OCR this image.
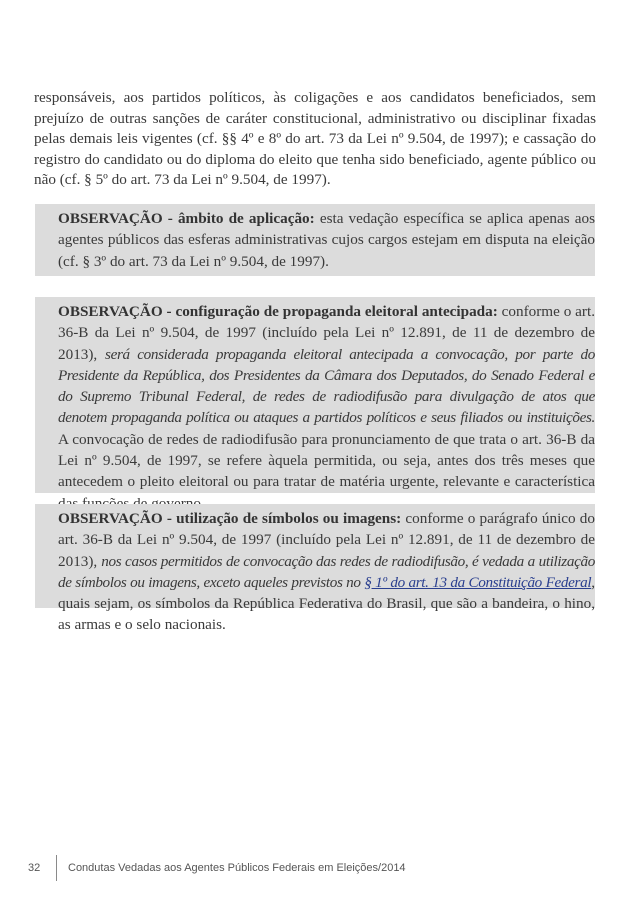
responsáveis, aos partidos políticos, às coligações e aos candidatos beneficiados, sem prejuízo de outras sanções de caráter constitucional, administrativo ou disciplinar fixadas pelas demais leis vigentes (cf. §§ 4º e 8º do art. 73 da Lei nº 9.504, de 1997); e cassação do registro do candidato ou do diploma do eleito que tenha sido beneficiado, agente público ou não (cf. § 5º do art. 73 da Lei nº 9.504, de 1997).
OBSERVAÇÃO - âmbito de aplicação: esta vedação específica se aplica apenas aos agentes públicos das esferas administrativas cujos cargos estejam em disputa na eleição (cf. § 3º do art. 73 da Lei nº 9.504, de 1997).
OBSERVAÇÃO - configuração de propaganda eleitoral antecipada: conforme o art. 36-B da Lei nº 9.504, de 1997 (incluído pela Lei nº 12.891, de 11 de dezembro de 2013), será considerada propaganda eleitoral antecipada a convocação, por parte do Presidente da República, dos Presidentes da Câmara dos Deputados, do Senado Federal e do Supremo Tribunal Federal, de redes de radiodifusão para divulgação de atos que denotem propaganda política ou ataques a partidos políticos e seus filiados ou instituições. A convocação de redes de radiodifusão para pronunciamento de que trata o art. 36-B da Lei nº 9.504, de 1997, se refere àquela permitida, ou seja, antes dos três meses que antecedem o pleito eleitoral ou para tratar de matéria urgente, relevante e característica
OBSERVAÇÃO - utilização de símbolos ou imagens: conforme o parágrafo único do art. 36-B da Lei nº 9.504, de 1997 (incluído pela Lei nº 12.891, de 11 de dezembro de 2013), nos casos permitidos de convocação das redes de radiodifusão, é vedada a utilização de símbolos ou imagens, exceto aqueles previstos no § 1º do art. 13 da Constituição Federal, quais sejam, os símbolos da República Federativa do Brasil, que são a bandeira, o hino, as armas e o selo nacionais.
32	Condutas Vedadas aos Agentes Públicos Federais em Eleições/2014
